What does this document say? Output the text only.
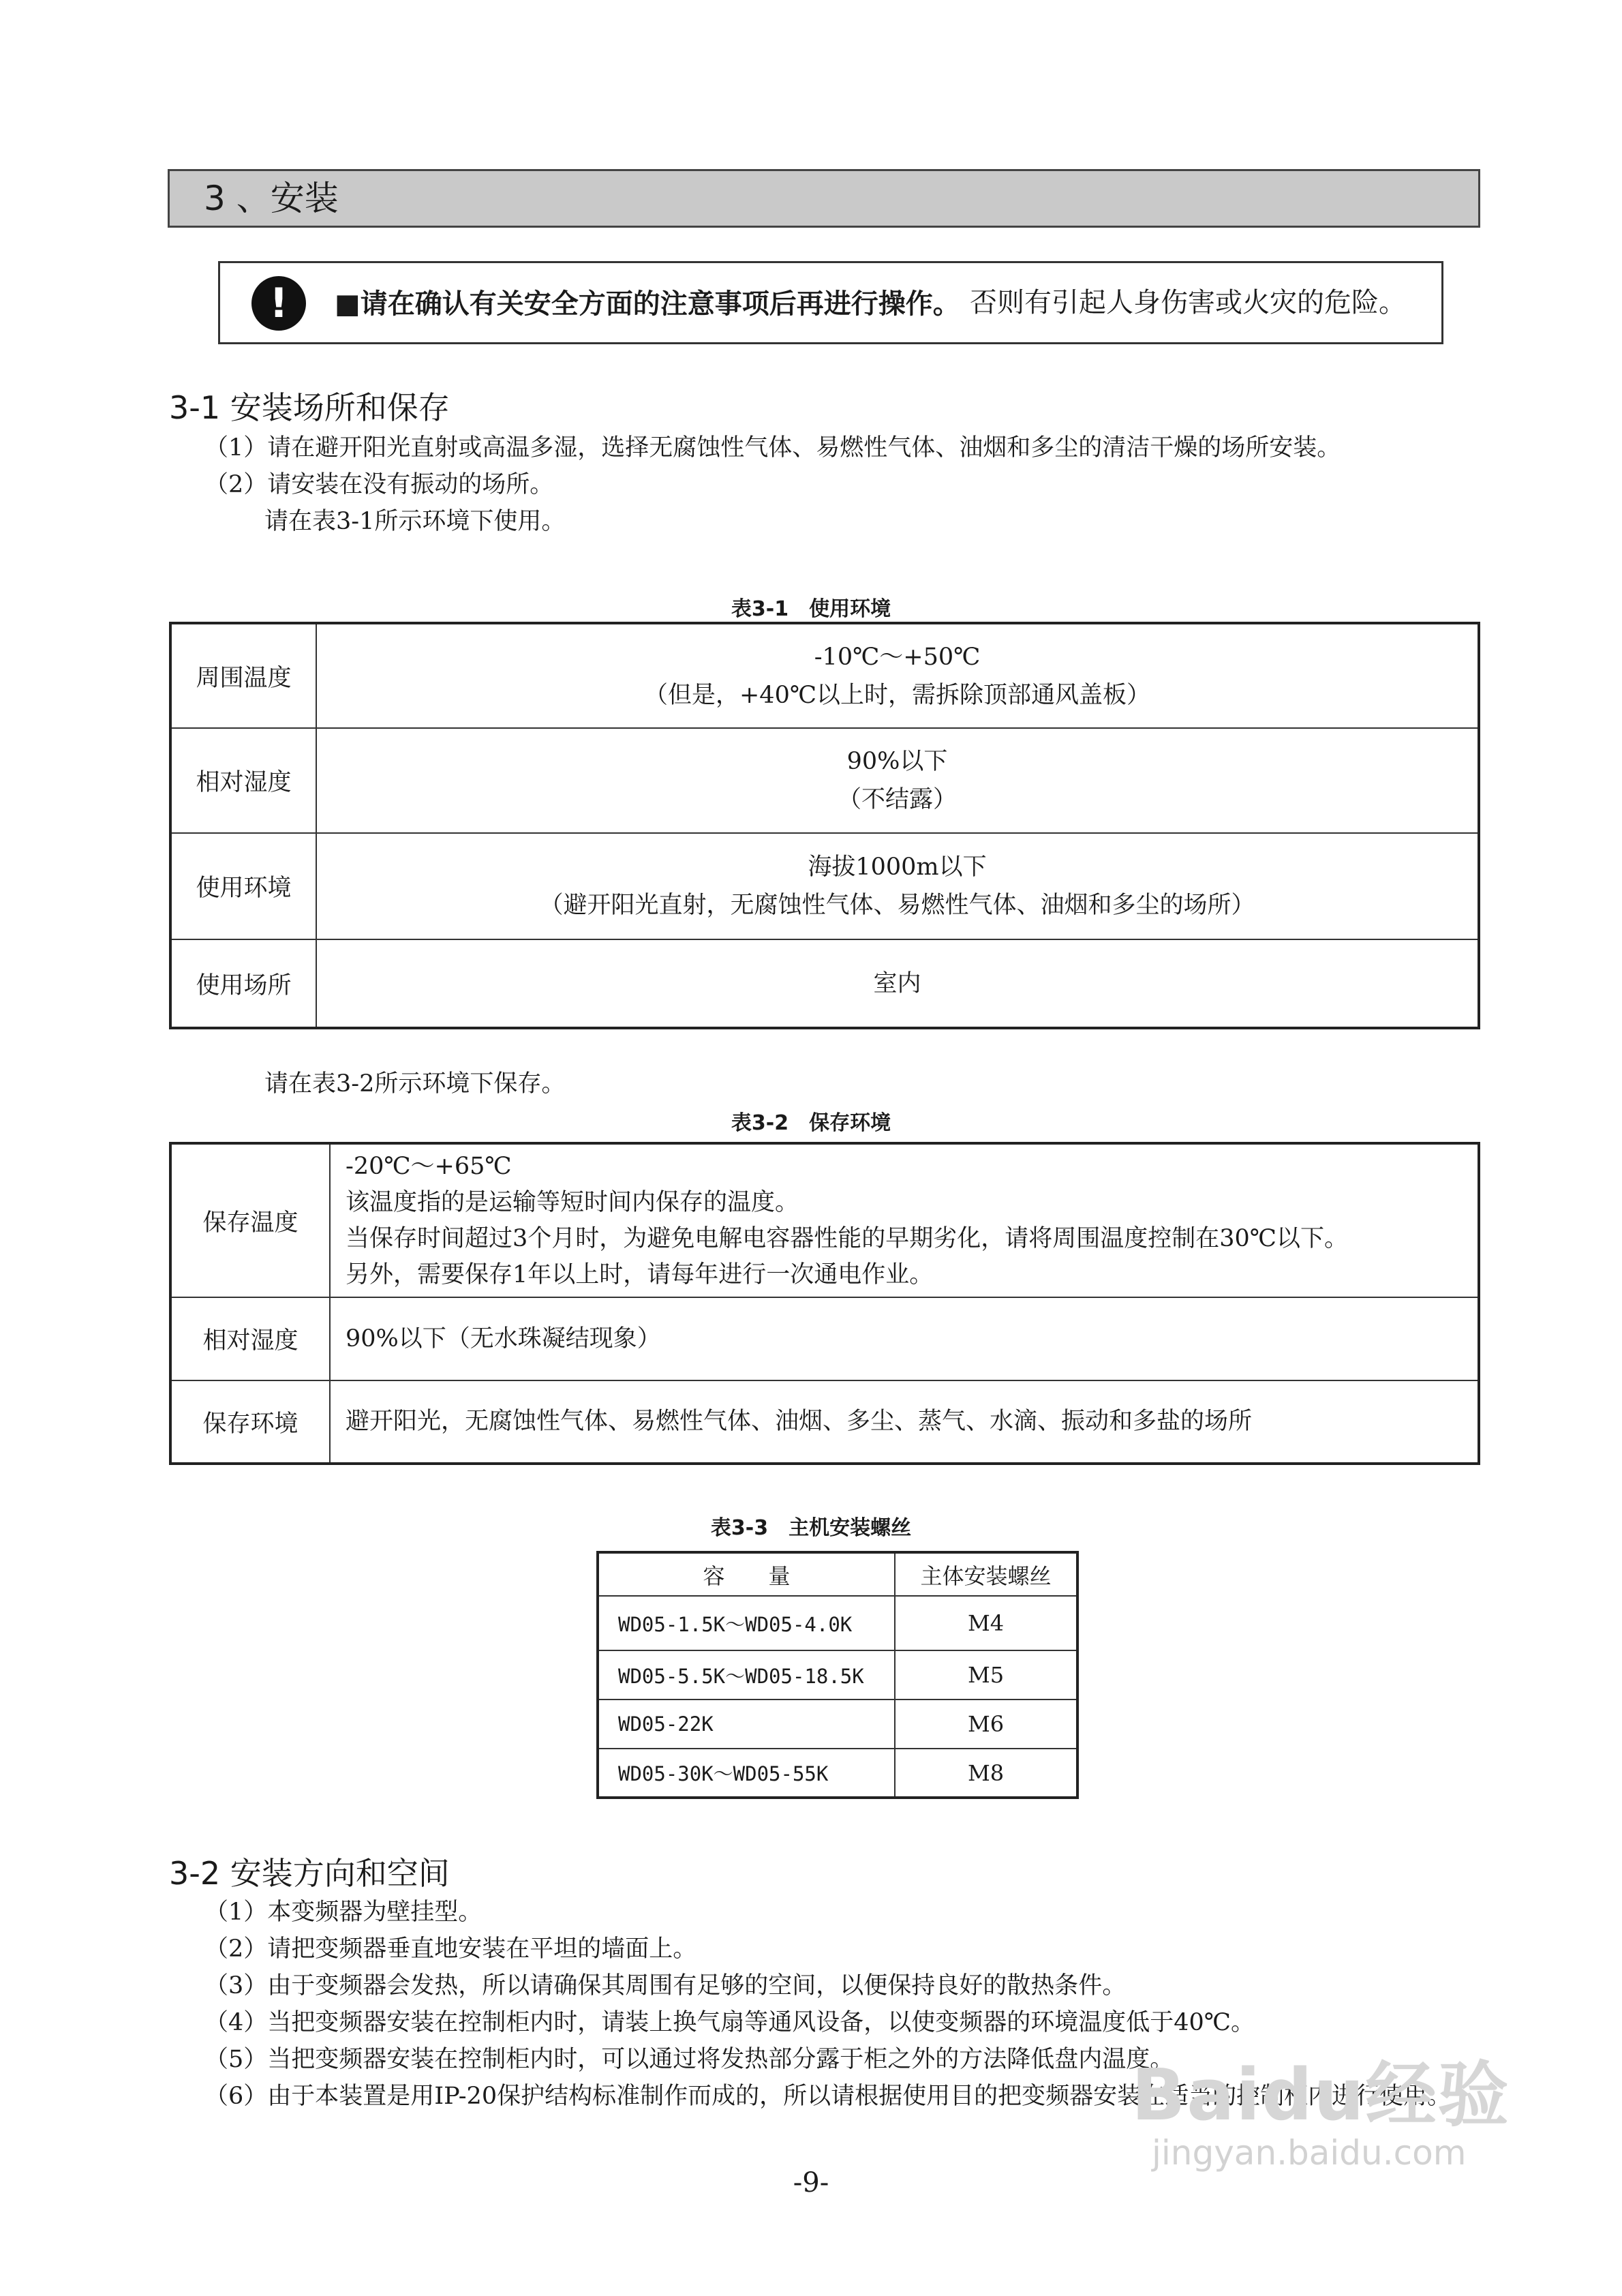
3 、安装
!	■请在确认有关安全方面的注意事项后再进行操作。 否则有引起人身伤害或火灾的危险。
3-1 安装场所和保存
（1）请在避开阳光直射或高温多湿，选择无腐蚀性气体、易燃性气体、油烟和多尘的清洁干燥的场所安装。
（2）请安装在没有振动的场所。
请在表3-1所示环境下使用。
表3-1　使用环境
周围温度	-10℃～+50℃
（但是，+40℃以上时，需拆除顶部通风盖板）

相对湿度	90%以下
（不结露）

使用环境	海拔1000m以下
（避开阳光直射，无腐蚀性气体、易燃性气体、油烟和多尘的场所）

使用场所	室内
请在表3-2所示环境下保存。
表3-2　保存环境
保存温度	-20℃～+65℃
该温度指的是运输等短时间内保存的温度。
当保存时间超过3个月时，为避免电解电容器性能的早期劣化，请将周围温度控制在30℃以下。
另外，需要保存1年以上时，请每年进行一次通电作业。

相对湿度	90%以下（无水珠凝结现象）

保存环境	避开阳光，无腐蚀性气体、易燃性气体、油烟、多尘、蒸气、水滴、振动和多盐的场所
表3-3　主机安装螺丝
容　　量	主体安装螺丝
WD05-1.5K～WD05-4.0K	M4
WD05-5.5K～WD05-18.5K	M5
WD05-22K	M6
WD05-30K～WD05-55K	M8
3-2 安装方向和空间
（1）本变频器为壁挂型。
（2）请把变频器垂直地安装在平坦的墙面上。
（3）由于变频器会发热，所以请确保其周围有足够的空间，以便保持良好的散热条件。
（4）当把变频器安装在控制柜内时，请装上换气扇等通风设备，以使变频器的环境温度低于40℃。
（5）当把变频器安装在控制柜内时，可以通过将发热部分露于柜之外的方法降低盘内温度。
（6）由于本装置是用IP-20保护结构标准制作而成的，所以请根据使用目的把变频器安装在适当的控制柜内进行使用。
Baidu经验
jingyan.baidu.com
-9-
